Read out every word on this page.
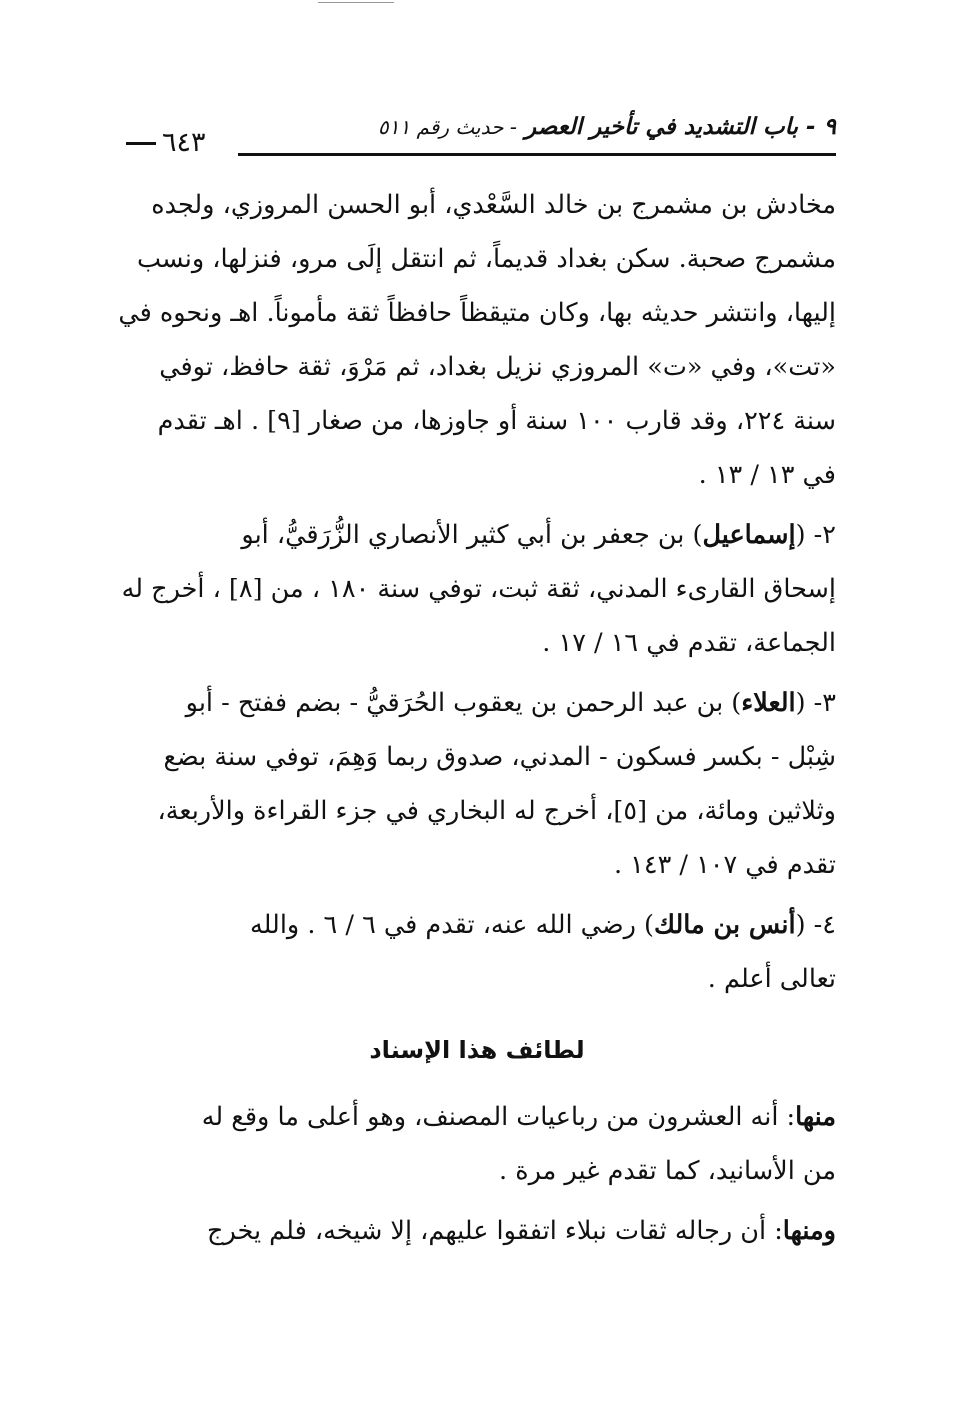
٩ - باب التشديد في تأخير العصر - حديث رقم ٥١١
٦٤٣

مخادش بن مشمرج بن خالد السَّعْدي، أبو الحسن المروزي، ولجده

مشمرج صحبة. سكن بغداد قديماً، ثم انتقل إلَى مرو، فنزلها، ونسب

إليها، وانتشر حديثه بها، وكان متيقظاً حافظاً ثقة مأموناً. اهـ ونحوه في

«تت»، وفي «ت» المروزي نزيل بغداد، ثم مَرْوَ، ثقة حافظ، توفي

سنة ٢٢٤، وقد قارب ١٠٠ سنة أو جاوزها، من صغار [٩] . اهـ تقدم

في ١٣ / ١٣ .

٢- (إسماعيل) بن جعفر بن أبي كثير الأنصاري الزُّرَقيُّ، أبو

إسحاق القارىء المدني، ثقة ثبت، توفي سنة ١٨٠ ، من [٨] ، أخرج له

الجماعة، تقدم في ١٦ / ١٧ .

٣- (العلاء) بن عبد الرحمن بن يعقوب الحُرَقيُّ - بضم ففتح - أبو

شِبْل - بكسر فسكون - المدني، صدوق ربما وَهِمَ، توفي سنة بضع

وثلاثين ومائة، من [٥]، أخرج له البخاري في جزء القراءة والأربعة،

تقدم في ١٠٧ / ١٤٣ .

٤- (أنس بن مالك) رضي الله عنه، تقدم في ٦ / ٦ . والله

تعالى أعلم .

لطائف هذا الإسناد

منها: أنه العشرون من رباعيات المصنف، وهو أعلى ما وقع له

من الأسانيد، كما تقدم غير مرة .

ومنها: أن رجاله ثقات نبلاء اتفقوا عليهم، إلا شيخه، فلم يخرج
